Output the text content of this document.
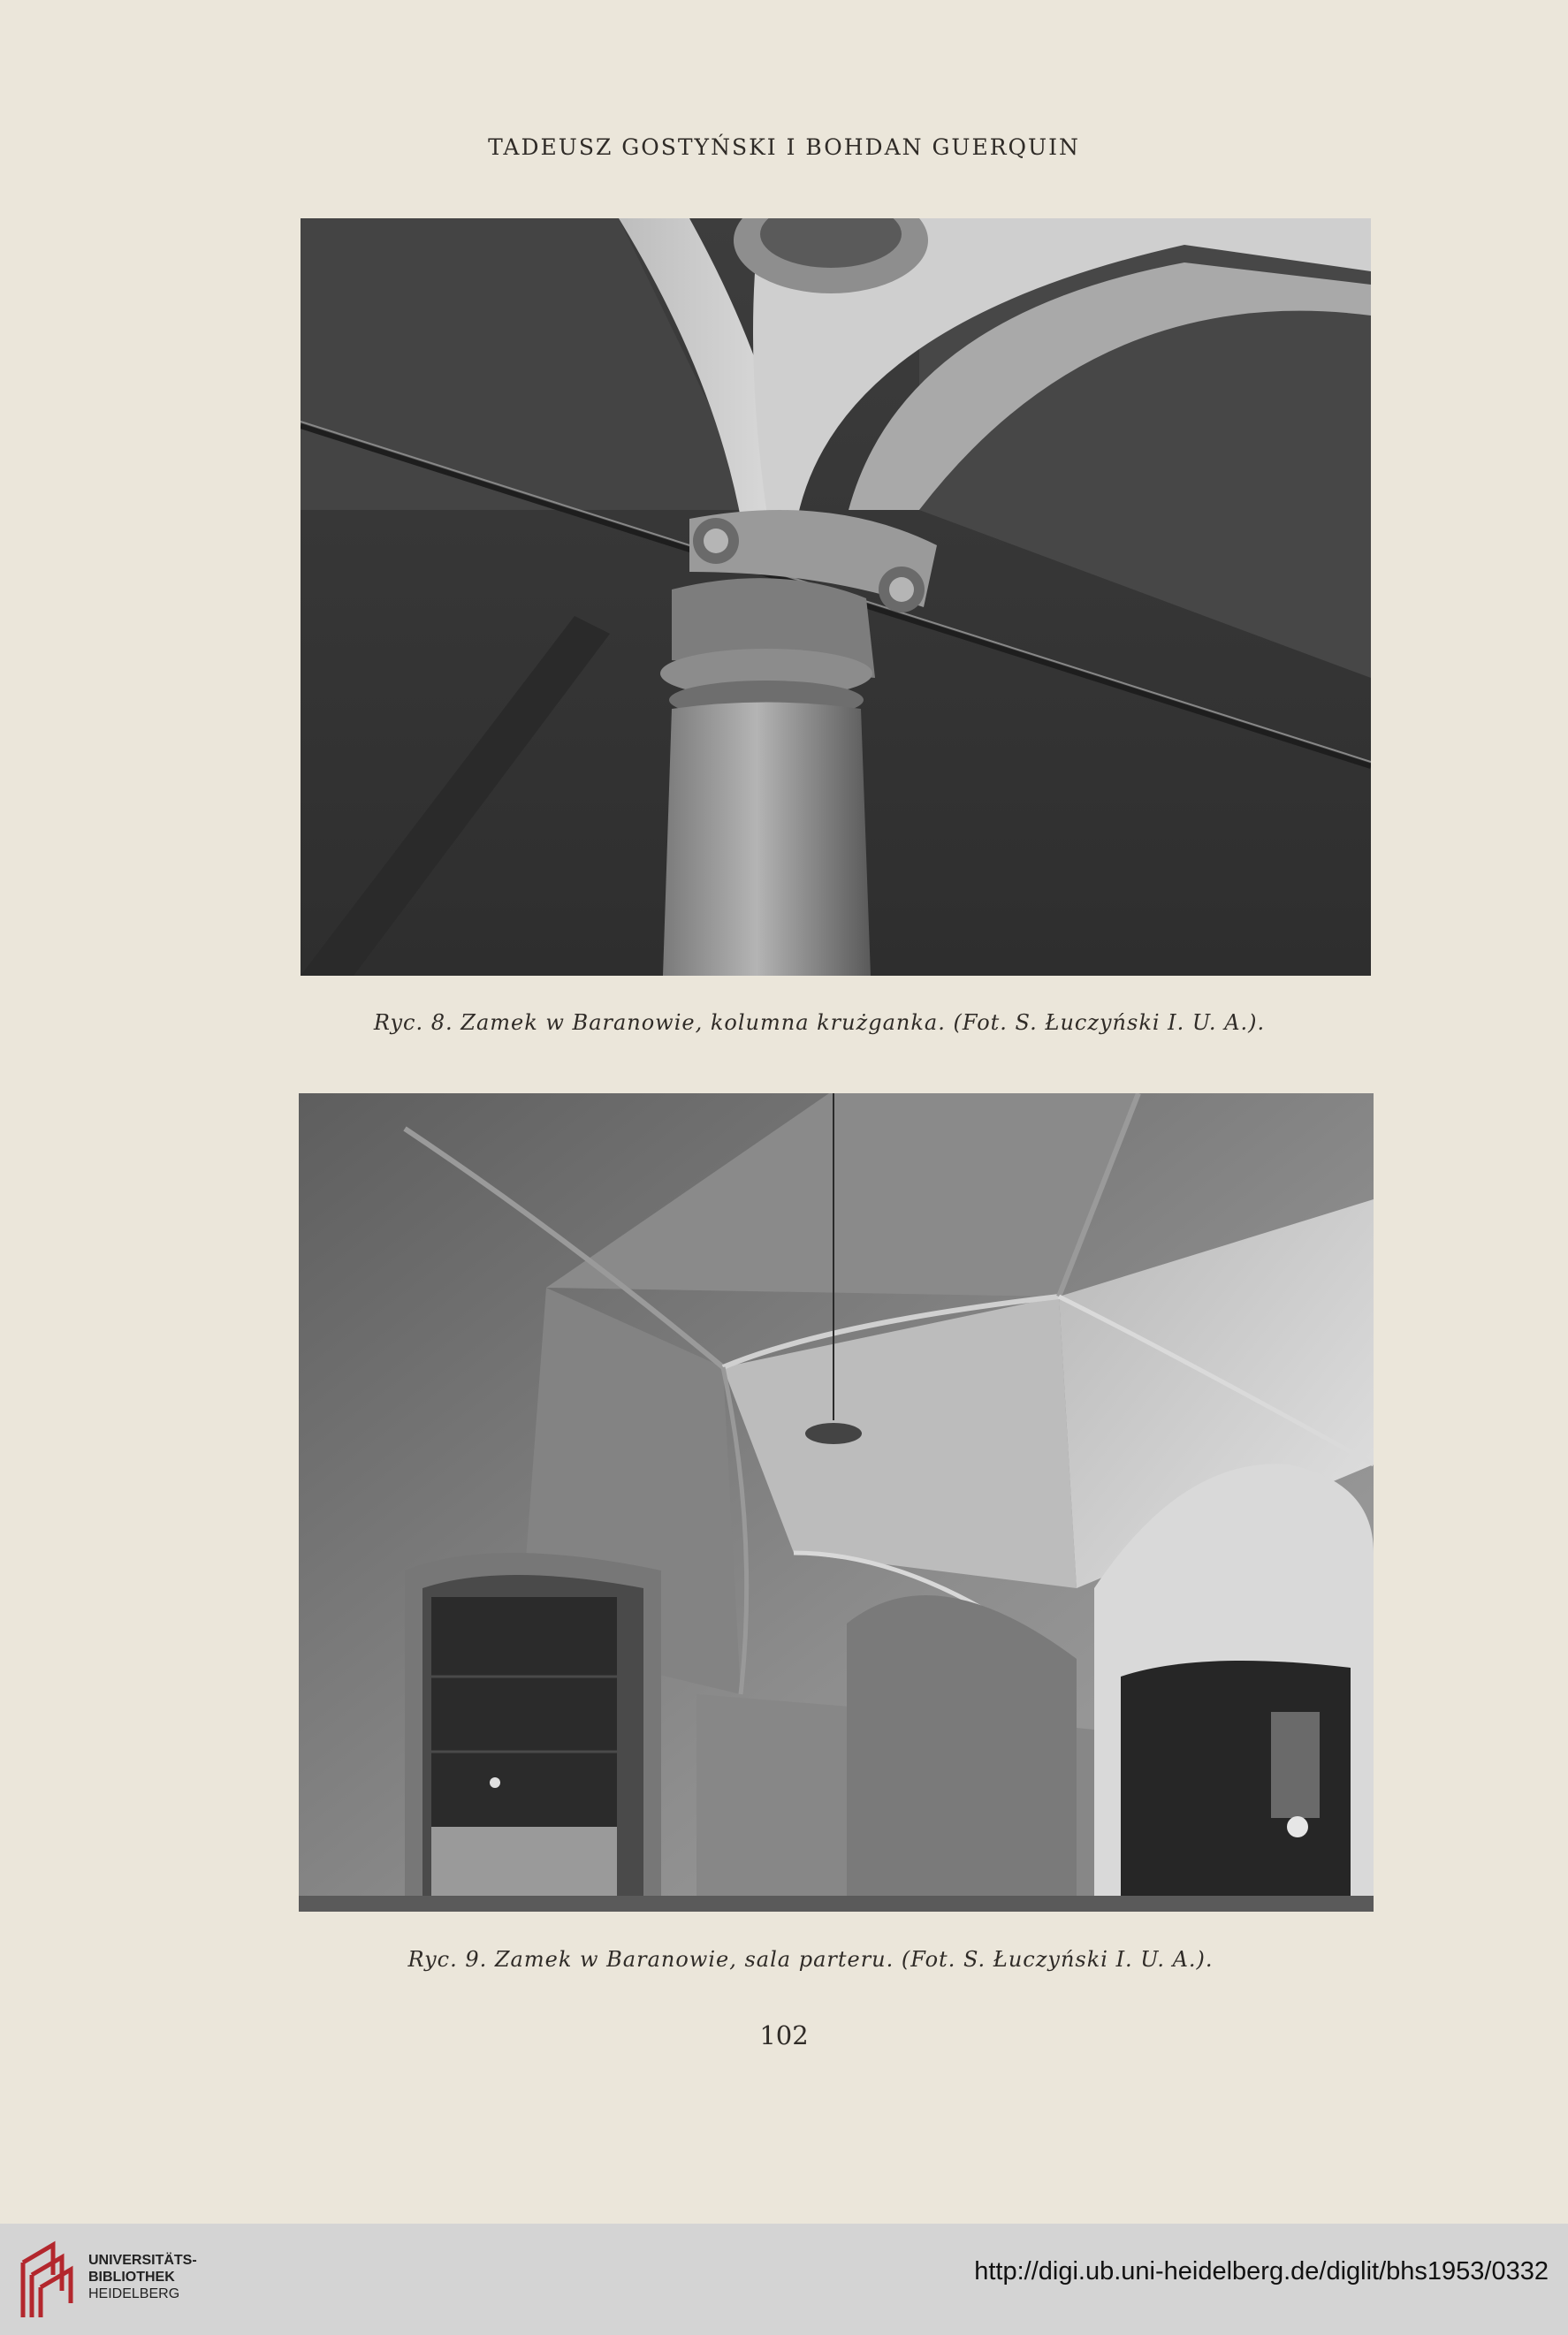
TADEUSZ GOSTYŃSKI I BOHDAN GUERQUIN
Ryc. 8. Zamek w Baranowie, kolumna krużganka. (Fot. S. Łuczyński I. U. A.).
Ryc. 9. Zamek w Baranowie, sala parteru. (Fot. S. Łuczyński I. U. A.).
102
UNIVERSITÄTS-
BIBLIOTHEK
HEIDELBERG
http://digi.ub.uni-heidelberg.de/diglit/bhs1953/0332
